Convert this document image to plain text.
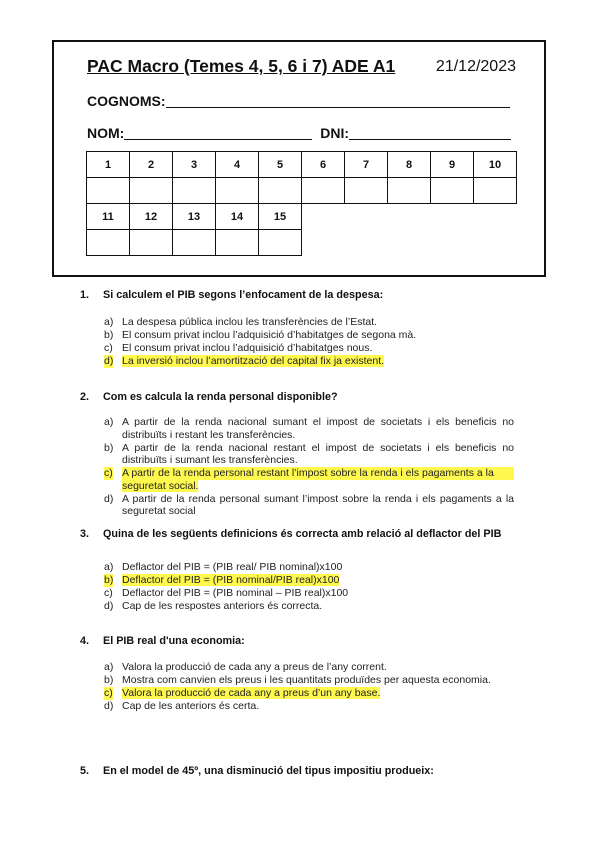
PAC Macro (Temes 4, 5, 6 i 7) ADE A1	21/12/2023
COGNOMS:
NOM:	DNI:
1	2	3	4	5	6	7	8	9	10

11	12	13	14	15

1. Si calculem el PIB segons l’enfocament de la despesa:
a) La despesa pública inclou les transferències de l’Estat.
b) El consum privat inclou l’adquisició d’habitatges de segona mà.
c) El consum privat inclou l’adquisició d’habitatges nous.
d) La inversió inclou l’amortització del capital fix ja existent.
2. Com es calcula la renda personal disponible?
a) A partir de la renda nacional sumant el impost de societats i els beneficis no
distribuïts i restant les transferències.
b) A partir de la renda nacional restant el impost de societats i els beneficis no
distribuïts i sumant les transferències.
c) A partir de la renda personal restant l’impost sobre la renda i els pagaments a la
seguretat social.
d) A partir de la renda personal sumant l’impost sobre la renda i els pagaments a la
seguretat social
3. Quina de les següents definicions és correcta amb relació al deflactor del PIB
a) Deflactor del PIB = (PIB real/ PIB nominal)x100
b) Deflactor del PIB = (PIB nominal/PIB real)x100
c) Deflactor del PIB = (PIB nominal – PIB real)x100
d) Cap de les respostes anteriors és correcta.
4. El PIB real d'una economia:
a) Valora la producció de cada any a preus de l’any corrent.
b) Mostra com canvien els preus i les quantitats produïdes per aquesta economia.
c) Valora la producció de cada any a preus d’un any base.
d) Cap de les anteriors és certa.
5. En el model de 45º, una disminució del tipus impositiu produeix:
